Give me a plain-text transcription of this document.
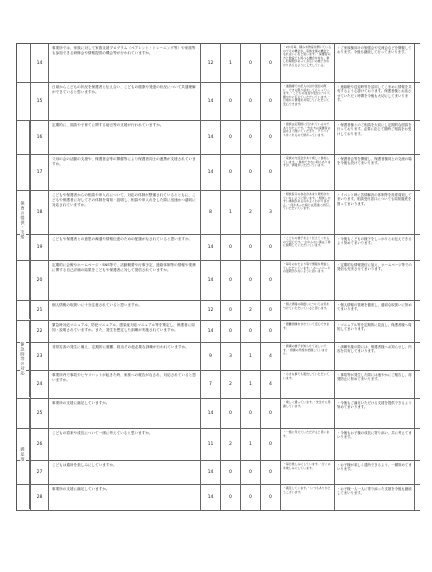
14
事業所では、家族に対して家族支援プログラム（ペアレント・トレーニング等）や家族等も参加できる研修会や情報提供の機会等が行われていますか。
12	1	0	0
・2か月毎、積み木教室を開いているのでその機会が、家族支援の機会となればいいなと思います。・保護者の方と教室でも遊べる機会を持ち、楽しむ時間があってお互いの様子がわかりあえるように工夫している。
・ご家族様向けの勉強会や交流会などを開催しております。今後も継続して行ってまいります。
15
日頃からこどもの状況を保護者と伝え合い、こどもの健康や発達の状況について共通理解ができていると思いますか。
14	0	0	0
・連絡帳での記入のほか送迎の際に、できる限り話をしてもらっています。・こどもの成長や変化について細やかに伝えていただいています。・日頃から情報を共有していただいて安心できます。
・連絡帳や送迎時等を活用してこまめに情報を共有するよう心掛けております。保護者様とお話させていただく時間を今後も大切にしてまいります。
16
定期的に、面談や子育てに関する助言等の支援が行われていますか。
14	0	0	0
・面談は定期的に行われているのでありがたいです。・先生方は保護者の話をよく聞いてくださり、アドバイスをくれるので助かっています。
・保護者様とのご相談を大切にし定期的な面談を行っております。必要に応じて随時ご相談をお受けしております。
17
父母の会の活動の支援や、保護者会等の開催等により保護者同士の連携が支援されていますか。
14	0	0	0
・家族の交流会があり楽しく参加しています。・参加できない時もありますが、情報をいただいています。
・保護者会等を開催し、保護者様同士の交流の場を今後も設けてまいります。
18
こどもや保護者からの相談や申入れについて、対応の体制が整備されているとともに、こどもや保護者に対してその体制を周知・説明し、相談や申入れをした際に迅速かつ適切に対応されていますか。
8	1	2	3
・相談窓口の存在があまり周知されていないように思います。・相談しやすい体制があるのかよくわかりません。・何かあった時には迅速に対応していただいています。
・イベント時に苦情解決の体制等を再度周知してまいります。相談受付窓口についても周知徹底を図ってまいります。
19
こどもや保護者との意思の疎通や情報伝達のための配慮がなされていると思いますか。
14	0	0	0
・こどもの様子をよく伝えてくれるので安心です。・わからない事は丁寧に説明していただいています。
・今後もこどもの様子をしっかりとお伝えできるよう努めてまいります。
20
定期的に会報やホームページ・SNS等で、活動概要や行事予定、連絡体制等の情報や業務に関する自己評価の結果をこどもや保護者に対して発信されていますか。
14	0	0	0
・毎月のおたより等で情報を発信していただいています。・ホームページの更新が少ないように思います。
・定期的な情報発信に加え、ホームページ等での発信も充実させてまいります。
21
個人情報の取扱いに十分注意されていると思いますか。
12	0	2	0
・個人情報の取扱いについては気をつけていただいていると思います。
・個人情報の管理を徹底し、適切な取扱いに努めてまいります。
22
緊急時対応マニュアル、防犯マニュアル、感染症対応マニュアル等を策定し、保護者に周知・説明されていますか。また、発生を想定した訓練が実施されていますか。	14	0	0	0
・避難訓練をされていて安心できます。
・マニュアル等を定期的に見直し、保護者様へ周知してまいります。
23
非常災害の発生に備え、定期的に避難、救出その他必要な訓練が行われていますか。
9	3	1	4
・訓練の様子を知らせてほしいです。・訓練の実施を把握していません。
・訓練実施の際には、保護者様へお知らせし、内容を共有してまいります。
24
事業所内で事故やヒヤリハットが起きた時、家族への報告がなされ、対応されていると思いますか。
7	2	1	4
・小さな事でも報告していただいています。
・事故等が発生した際には速やかにご報告し、再発防止に努めてまいります。
25
事業所の支援に満足していますか。
14	0	0	0
・楽しく通っています。・先生方に感謝しています。
・今後もご満足いただける支援を提供できるよう努めてまいります。
26
こどもの将来や成長について一緒に考えていると思いますか。
11	2	1	0
・一緒に考えていただけると思います。
・今後もお子様の成長に寄り添い、共に考えてまいります。
27
こどもは通所を楽しみにしていますか。
14	0	0	0
・毎日楽しみにしています。・行くのを楽しみにしています。
・お子様が楽しく通所できるよう、一層努めてまいります。
28
事業所の支援に満足していますか。
14	0	0	0
・満足しています。・いつもありがとうございます。
・お子様一人一人に寄り添った支援を今後も継続してまいります。
保育の提供・支援
緊急時等の対応
満足度
